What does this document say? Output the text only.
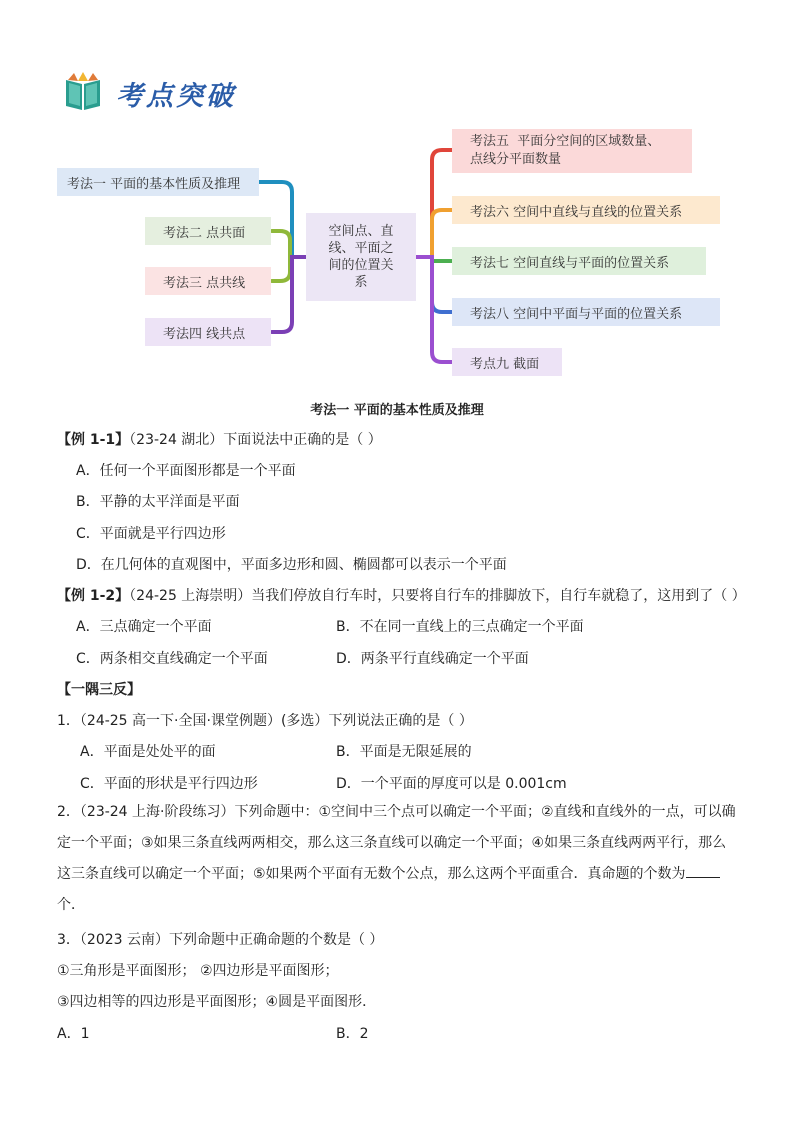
考点突破
考法一 平面的基本性质及推理
考法二 点共面
考法三 点共线
考法四 线共点
空间点、直线、平面之间的位置关系
考法五  平面分空间的区域数量、
点线分平面数量
考法六 空间中直线与直线的位置关系
考法七 空间直线与平面的位置关系
考法八 空间中平面与平面的位置关系
考点九 截面
考法一 平面的基本性质及推理
【例 1-1】（23-24 湖北）下面说法中正确的是（ ）
A．任何一个平面图形都是一个平面
B．平静的太平洋面是平面
C．平面就是平行四边形
D．在几何体的直观图中，平面多边形和圆、椭圆都可以表示一个平面
【例 1-2】（24-25 上海崇明）当我们停放自行车时，只要将自行车的排脚放下，自行车就稳了，这用到了（ ）
A．三点确定一个平面	B．不在同一直线上的三点确定一个平面
C．两条相交直线确定一个平面	D．两条平行直线确定一个平面
【一隅三反】
1．（24-25 高一下·全国·课堂例题）(多选）下列说法正确的是（ ）
A．平面是处处平的面	B．平面是无限延展的
C．平面的形状是平行四边形	D．一个平面的厚度可以是 0.001cm
2．（23-24 上海·阶段练习）下列命题中：①空间中三个点可以确定一个平面；②直线和直线外的一点，可以确
定一个平面；③如果三条直线两两相交，那么这三条直线可以确定一个平面；④如果三条直线两两平行，那么
这三条直线可以确定一个平面；⑤如果两个平面有无数个公点，那么这两个平面重合．真命题的个数为
个．
3．（2023 云南）下列命题中正确命题的个数是（ ）
①三角形是平面图形； ②四边形是平面图形；
③四边相等的四边形是平面图形；④圆是平面图形．
A．1	B．2
